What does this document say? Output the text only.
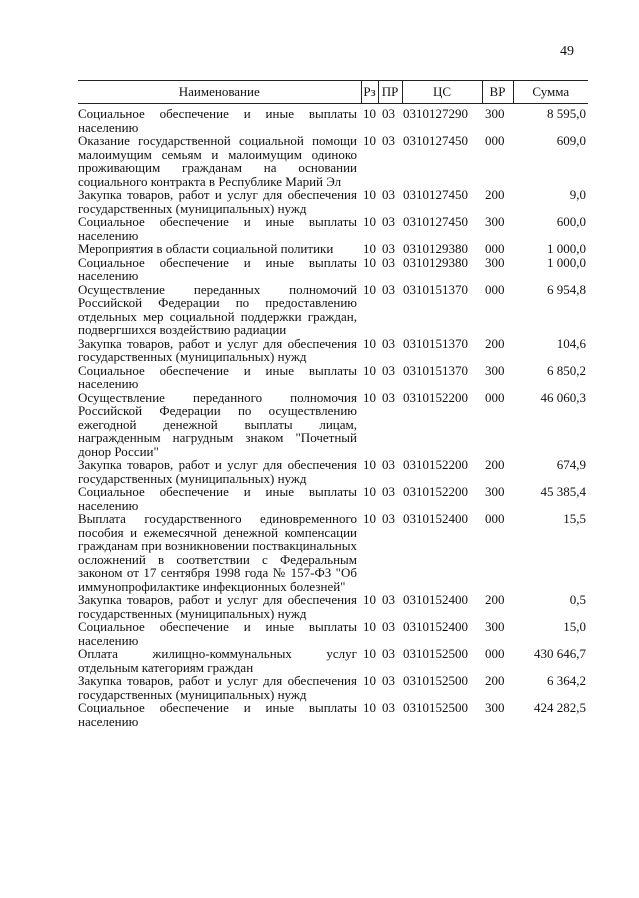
49
Наименование	Рз	ПР	ЦС	ВР	Сумма

Социальное обеспечение и иные выплаты населению	10	03	0310127290	300	8 595,0
Оказание государственной социальной помощи малоимущим семьям и малоимущим одиноко проживающим гражданам на основании социального контракта в Республике Марий Эл	10	03	0310127450	000	609,0
Закупка товаров, работ и услуг для обеспечения государственных (муниципальных) нужд	10	03	0310127450	200	9,0
Социальное обеспечение и иные выплаты населению	10	03	0310127450	300	600,0
Мероприятия в области социальной политики	10	03	0310129380	000	1 000,0
Социальное обеспечение и иные выплаты населению	10	03	0310129380	300	1 000,0
Осуществление переданных полномочий Российской Федерации по предоставлению отдельных мер социальной поддержки граждан, подвергшихся воздействию радиации	10	03	0310151370	000	6 954,8
Закупка товаров, работ и услуг для обеспечения государственных (муниципальных) нужд	10	03	0310151370	200	104,6
Социальное обеспечение и иные выплаты населению	10	03	0310151370	300	6 850,2
Осуществление переданного полномочия Российской Федерации по осуществлению ежегодной денежной выплаты лицам, награжденным нагрудным знаком "Почетный донор России"	10	03	0310152200	000	46 060,3
Закупка товаров, работ и услуг для обеспечения государственных (муниципальных) нужд	10	03	0310152200	200	674,9
Социальное обеспечение и иные выплаты населению	10	03	0310152200	300	45 385,4
Выплата государственного единовременного пособия и ежемесячной денежной компенсации гражданам при возникновении поствакцинальных осложнений в соответствии с Федеральным законом от 17 сентября 1998 года № 157-ФЗ "Об иммунопрофилактике инфекционных болезней"	10	03	0310152400	000	15,5
Закупка товаров, работ и услуг для обеспечения государственных (муниципальных) нужд	10	03	0310152400	200	0,5
Социальное обеспечение и иные выплаты населению	10	03	0310152400	300	15,0
Оплата жилищно-коммунальных услуг отдельным категориям граждан	10	03	0310152500	000	430 646,7
Закупка товаров, работ и услуг для обеспечения государственных (муниципальных) нужд	10	03	0310152500	200	6 364,2
Социальное обеспечение и иные выплаты населению	10	03	0310152500	300	424 282,5
